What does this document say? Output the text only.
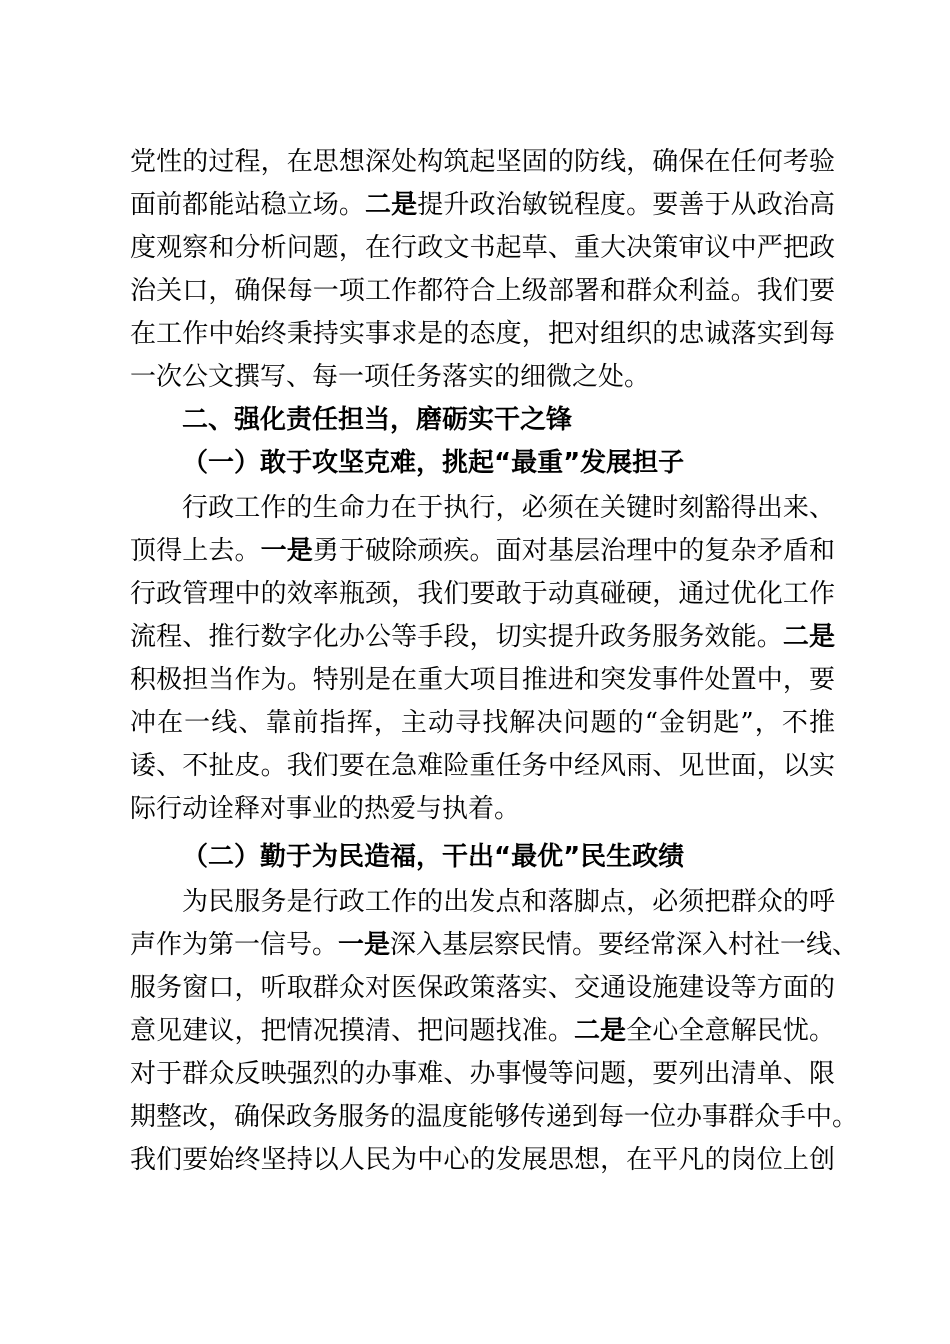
党性的过程，在思想深处构筑起坚固的防线，确保在任何考验
面前都能站稳立场。二是提升政治敏锐程度。要善于从政治高
度观察和分析问题，在行政文书起草、重大决策审议中严把政
治关口，确保每一项工作都符合上级部署和群众利益。我们要
在工作中始终秉持实事求是的态度，把对组织的忠诚落实到每
一次公文撰写、每一项任务落实的细微之处。
二、强化责任担当，磨砺实干之锋
（一）敢于攻坚克难，挑起“最重”发展担子
行政工作的生命力在于执行，必须在关键时刻豁得出来、
顶得上去。一是勇于破除顽疾。面对基层治理中的复杂矛盾和
行政管理中的效率瓶颈，我们要敢于动真碰硬，通过优化工作
流程、推行数字化办公等手段，切实提升政务服务效能。二是
积极担当作为。特别是在重大项目推进和突发事件处置中，要
冲在一线、靠前指挥，主动寻找解决问题的“金钥匙”，不推
诿、不扯皮。我们要在急难险重任务中经风雨、见世面，以实
际行动诠释对事业的热爱与执着。
（二）勤于为民造福，干出“最优”民生政绩
为民服务是行政工作的出发点和落脚点，必须把群众的呼
声作为第一信号。一是深入基层察民情。要经常深入村社一线、
服务窗口，听取群众对医保政策落实、交通设施建设等方面的
意见建议，把情况摸清、把问题找准。二是全心全意解民忧。
对于群众反映强烈的办事难、办事慢等问题，要列出清单、限
期整改，确保政务服务的温度能够传递到每一位办事群众手中。
我们要始终坚持以人民为中心的发展思想，在平凡的岗位上创
